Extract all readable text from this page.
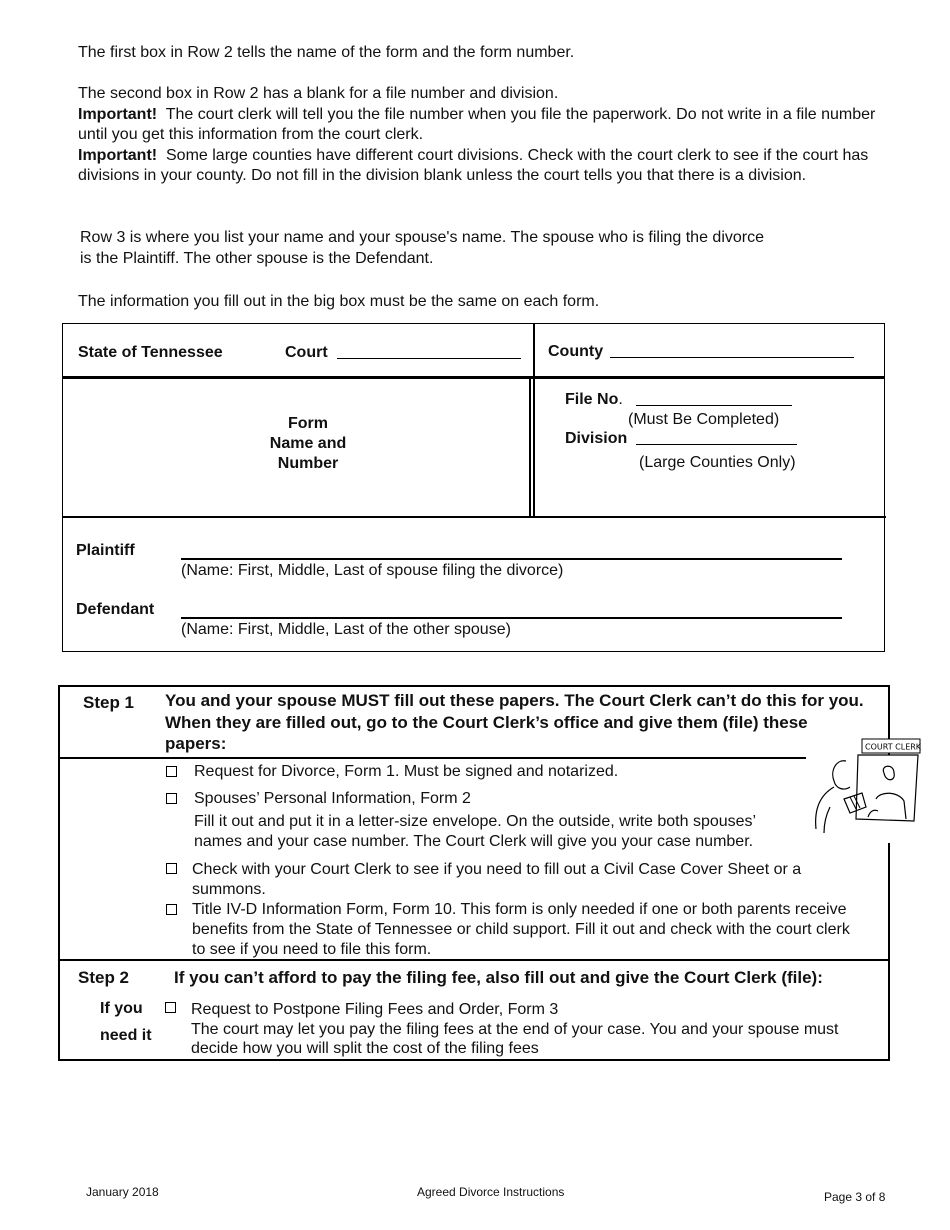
The first box in Row 2 tells the name of the form and the form number.
The second box in Row 2 has a blank for a file number and division.
Important! The court clerk will tell you the file number when you file the paperwork. Do not write in a file number until you get this information from the court clerk.
Important! Some large counties have different court divisions. Check with the court clerk to see if the court has divisions in your county. Do not fill in the division blank unless the court tells you that there is a division.
Row 3 is where you list your name and your spouse's name. The spouse who is filing the divorce is the Plaintiff. The other spouse is the Defendant.
The information you fill out in the big box must be the same on each form.
State of Tennessee	Court	County
Form
Name and
Number
File No.
(Must Be Completed)
Division
(Large Counties Only)
Plaintiff
(Name: First, Middle, Last of spouse filing the divorce)
Defendant
(Name: First, Middle, Last of the other spouse)
Step 1 You and your spouse MUST fill out these papers. The Court Clerk can’t do this for you. When they are filled out, go to the Court Clerk’s office and give them (file) these papers:	COURT CLERK
Request for Divorce, Form 1. Must be signed and notarized.
Spouses’ Personal Information, Form 2
Fill it out and put it in a letter-size envelope. On the outside, write both spouses’ names and your case number. The Court Clerk will give you your case number.
Check with your Court Clerk to see if you need to fill out a Civil Case Cover Sheet or a summons.
Title IV-D Information Form, Form 10. This form is only needed if one or both parents receive benefits from the State of Tennessee or child support. Fill it out and check with the court clerk to see if you need to file this form.
Step 2	If you can’t afford to pay the filing fee, also fill out and give the Court Clerk (file):
If you
need it
Request to Postpone Filing Fees and Order, Form 3
The court may let you pay the filing fees at the end of your case. You and your spouse must decide how you will split the cost of the filing fees
January 2018	Agreed Divorce Instructions	Page 3 of 8
